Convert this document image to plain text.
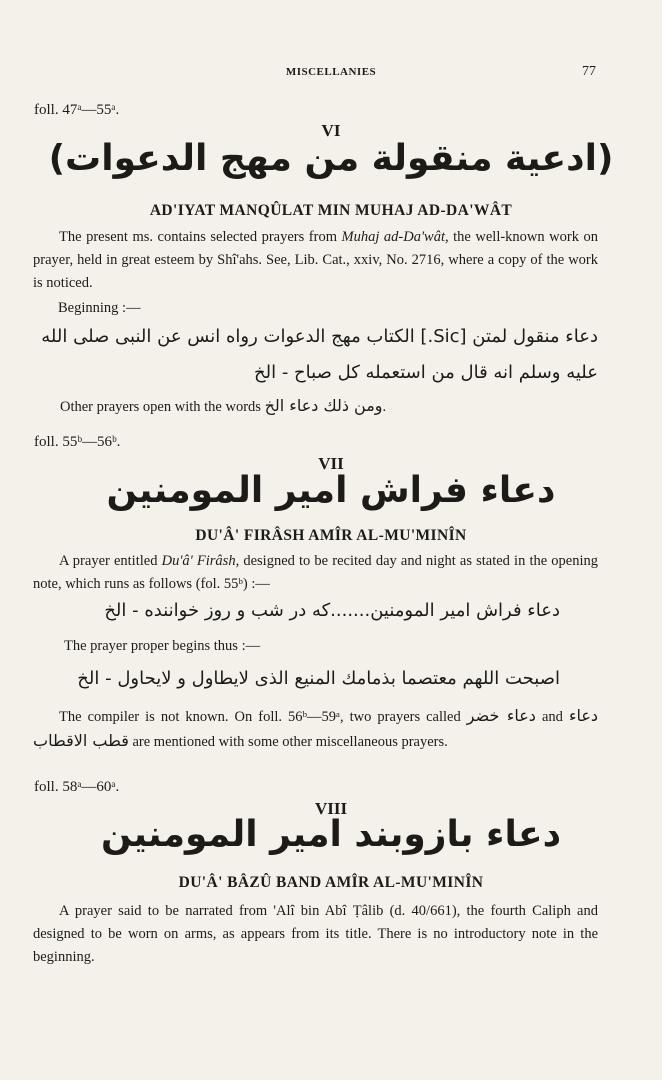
MISCELLANIES	77
foll. 47ᵃ—55ᵃ.
VI
(ادعية منقولة من مهج الدعوات)
AD'IYAT MANQÛLAT MIN MUHAJ AD-DA'WÂT
The present ms. contains selected prayers from Muhaj ad-Da'wât, the well-known work on prayer, held in great esteem by Shî'ahs. See, Lib. Cat., xxiv, No. 2716, where a copy of the work is noticed.
Beginning :—
دعاء منقول لمتن [Sic.] الكتاب مهج الدعوات رواه انس عن النبى صلى الله
عليه وسلم انه قال من استعمله كل صباح - الخ
Other prayers open with the words ومن ذلك دعاء الخ.
foll. 55ᵇ—56ᵇ.
VII
دعاء فراش امير المومنين
DU'Â' FIRÂSH AMÎR AL-MU'MINÎN
A prayer entitled Du'â' Firâsh, designed to be recited day and night as stated in the opening note, which runs as follows (fol. 55ᵇ) :—
دعاء فراش امير المومنين.......كه در شب و روز خواننده - الخ
The prayer proper begins thus :—
اصبحت اللهم معتصما بذمامك المنيع الذى لايطاول و لايحاول - الخ
The compiler is not known. On foll. 56ᵇ—59ᵃ, two prayers called دعاء خضر and دعاء قطب الاقطاب are mentioned with some other miscellaneous prayers.
foll. 58ᵃ—60ᵃ.
VIII
دعاء بازوبند امير المومنين
DU'Â' BÂZÛ BAND AMÎR AL-MU'MINÎN
A prayer said to be narrated from 'Alî bin Abî Ṭâlib (d. 40/661), the fourth Caliph and designed to be worn on arms, as appears from its title. There is no introductory note in the beginning.
